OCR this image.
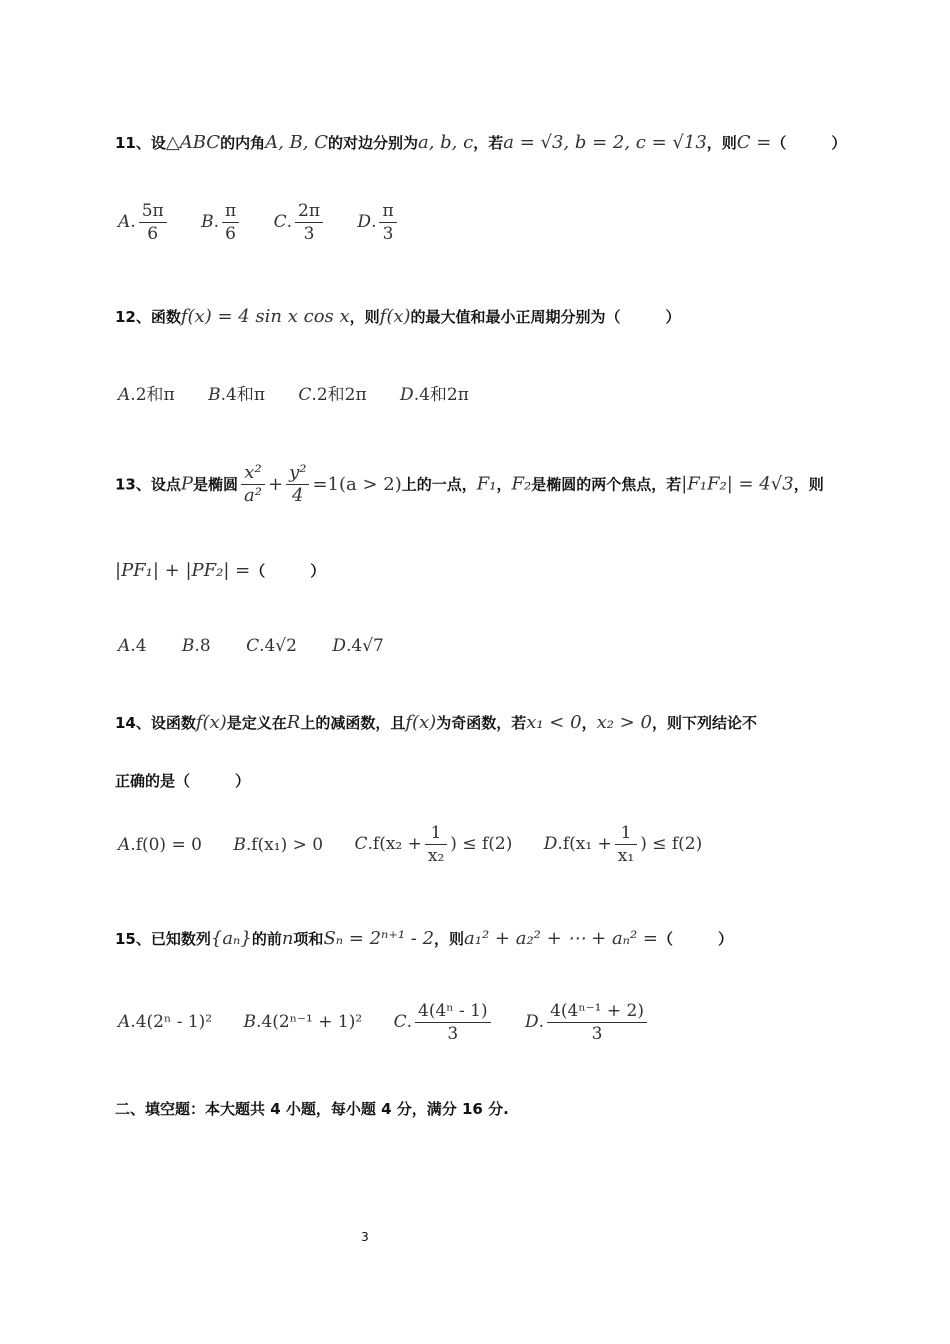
11、设△ABC的内角A, B, C的对边分别为a, b, c，若a = √3, b = 2, c = √13，则C =（　　　）
A. $\frac{5\pi}{6} B$. $\frac{\pi}{6} C$. $\frac{2\pi}{3} D$. $\frac{\pi}{3}$
12、函数f(x) = 4 sin x cos x，则f(x)的最大值和最小正周期分别为（　　　）
A.2和π B.4和π C.2和2π D.4和2π
13、设点P是椭圆 $\frac{\text{x²}}{\text{a²}} + \frac{\text{y²}}{4} =1(a > 2)$上的一点，F₁，F₂是椭圆的两个焦点，若|F₁F₂| = 4√3，则
|PF₁| + |PF₂| =（　　　）
A.4 B.8 C.4√2 D.4√7
14、设函数f(x)是定义在R上的减函数，且f(x)为奇函数，若x₁ < 0，x₂ > 0，则下列结论不
正确的是（　　　）
A.f(0) = 0 B.f(x₁) > 0 $C.f(x_2 + \frac{1}{\text{x₂}}$ ) ≤ f(2) $D.f(x_1 + \frac{1}{\text{x₁}}$ ) ≤ f(2)
15、已知数列{aₙ}的前n项和Sₙ = 2ⁿ⁺¹ - 2，则a₁² + a₂² + ⋯ + aₙ² =（　　　）
A.4(2ⁿ - 1)² B.4(2ⁿ⁻¹ + 1)² C. $\frac{\text{4(4ⁿ - 1)}}{3} D$. $\frac{\text{4(4ⁿ⁻¹ + 2)}}{3}$
二、填空题：本大题共 4 小题，每小题 4 分，满分 16 分.
3
